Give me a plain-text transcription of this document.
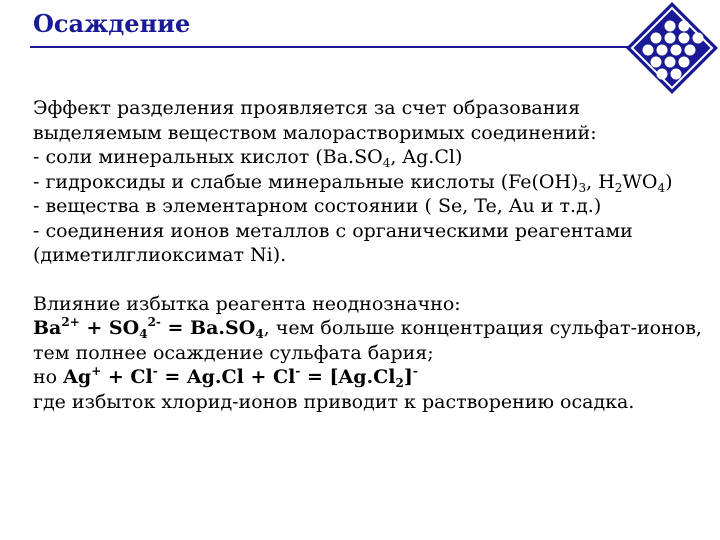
Осаждение
Эффект разделения проявляется за счет образования
выделяемым веществом малорастворимых соединений:
- соли минеральных кислот ($Ba.SO_4$, Ag.Cl)
- гидроксиды и слабые минеральные кислоты ($Fe(OH)_3$, $H_2WO_4$)
- вещества в элементарном состоянии ( Se, Te, Au и т.д.)
- соединения ионов металлов с органическими реагентами
(диметилглиоксимат Ni).
Влияние избытка реагента неоднозначно:
$Ba^{2+} + SO_4^{2-} = Ba.SO_4$, чем больше концентрация сульфат-ионов,
тем полнее осаждение сульфата бария;
но $Ag^+ + Cl^- = Ag.Cl + Cl^- = [Ag.Cl_2]^-$
где избыток хлорид-ионов приводит к растворению осадка.
